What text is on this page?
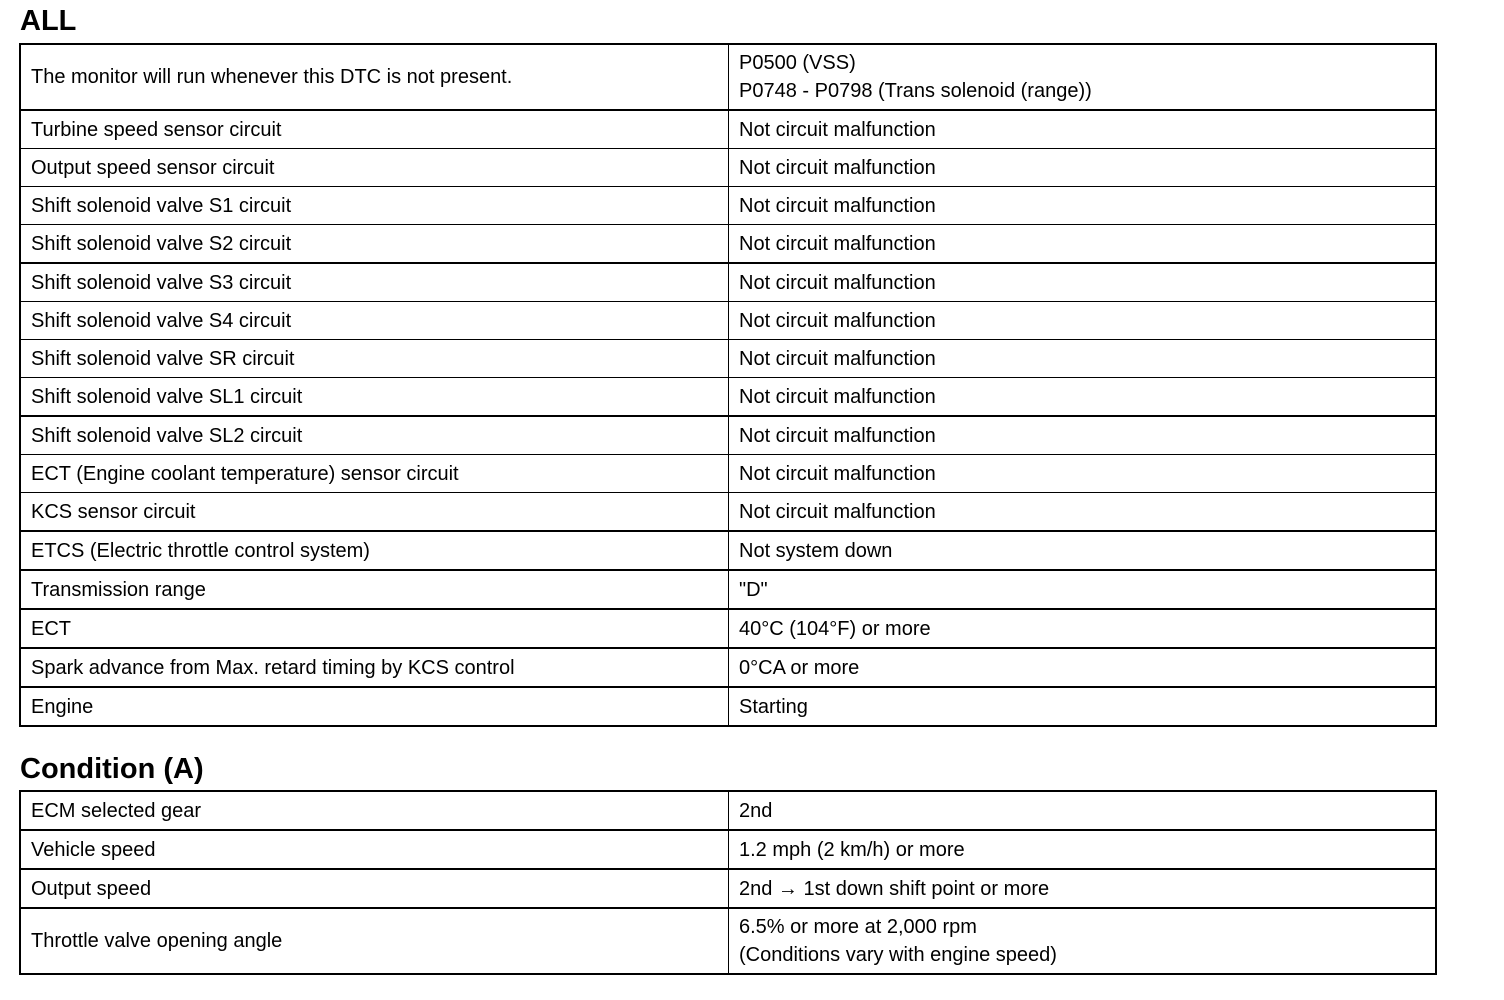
ALL
The monitor will run whenever this DTC is not present.	P0500 (VSS)
P0748 - P0798 (Trans solenoid (range))

Turbine speed sensor circuit	Not circuit malfunction
Output speed sensor circuit	Not circuit malfunction
Shift solenoid valve S1 circuit	Not circuit malfunction
Shift solenoid valve S2 circuit	Not circuit malfunction
Shift solenoid valve S3 circuit	Not circuit malfunction
Shift solenoid valve S4 circuit	Not circuit malfunction
Shift solenoid valve SR circuit	Not circuit malfunction
Shift solenoid valve SL1 circuit	Not circuit malfunction
Shift solenoid valve SL2 circuit	Not circuit malfunction
ECT (Engine coolant temperature) sensor circuit	Not circuit malfunction
KCS sensor circuit	Not circuit malfunction
ETCS (Electric throttle control system)	Not system down
Transmission range	"D"
ECT	40°C (104°F) or more
Spark advance from Max. retard timing by KCS control	0°CA or more
Engine	Starting
Condition (A)
ECM selected gear	2nd
Vehicle speed	1.2 mph (2 km/h) or more
Output speed	2nd → 1st down shift point or more
Throttle valve opening angle	6.5% or more at 2,000 rpm
(Conditions vary with engine speed)
